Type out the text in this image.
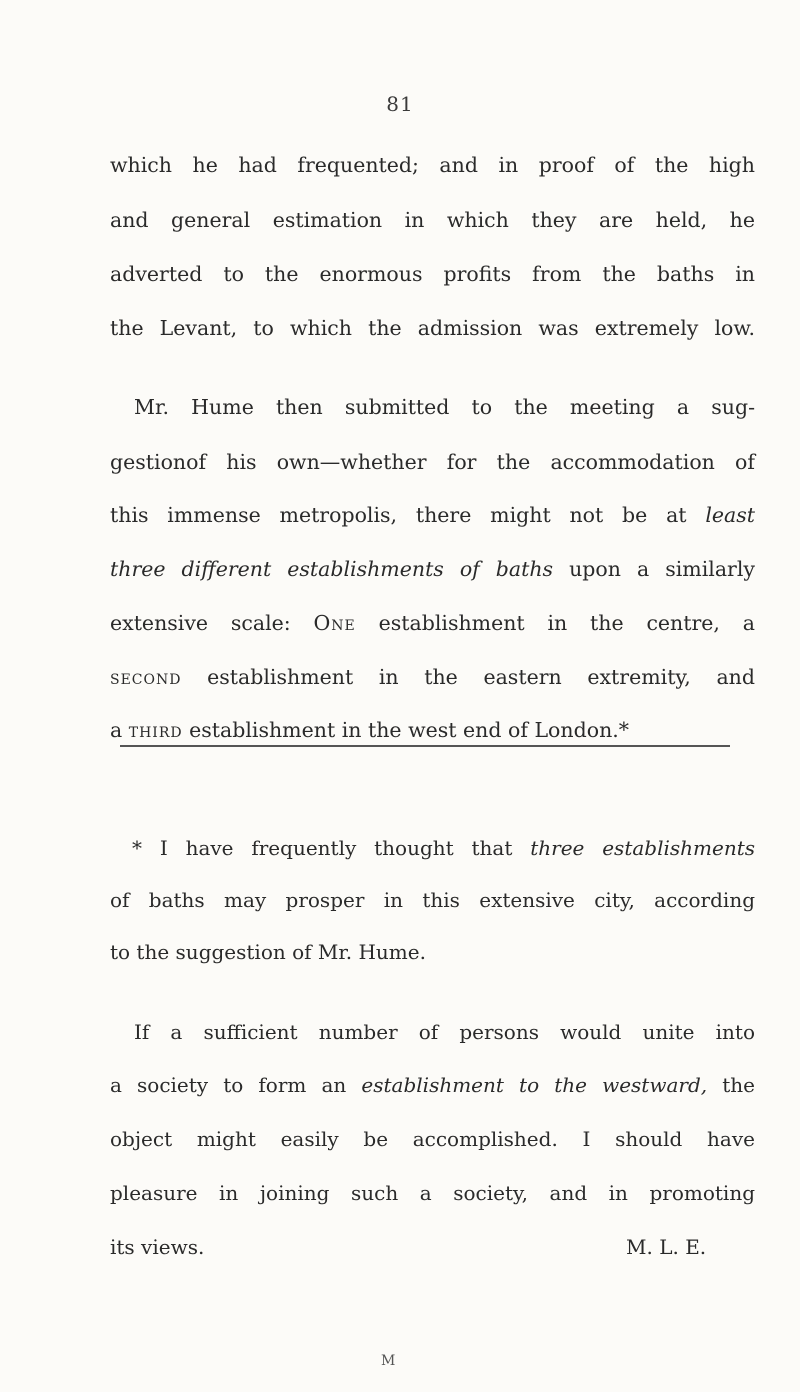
81
which he had frequented; and in proof of the high
and general estimation in which they are held, he
adverted to the enormous profits from the baths in
the Levant, to which the admission was extremely low.
Mr. Hume then submitted to the meeting a sug-
gestionof his own—whether for the accommodation of
this immense metropolis, there might not be at least
three different establishments of baths upon a similarly
extensive scale: One establishment in the centre, a
second establishment in the eastern extremity, and
a third establishment in the west end of London.*
* I have frequently thought that three establishments
of baths may prosper in this extensive city, according
to the suggestion of Mr. Hume.
If a sufficient number of persons would unite into
a society to form an establishment to the westward, the
object might easily be accomplished. I should have
pleasure in joining such a society, and in promoting
its views.	M. L. E.
M
